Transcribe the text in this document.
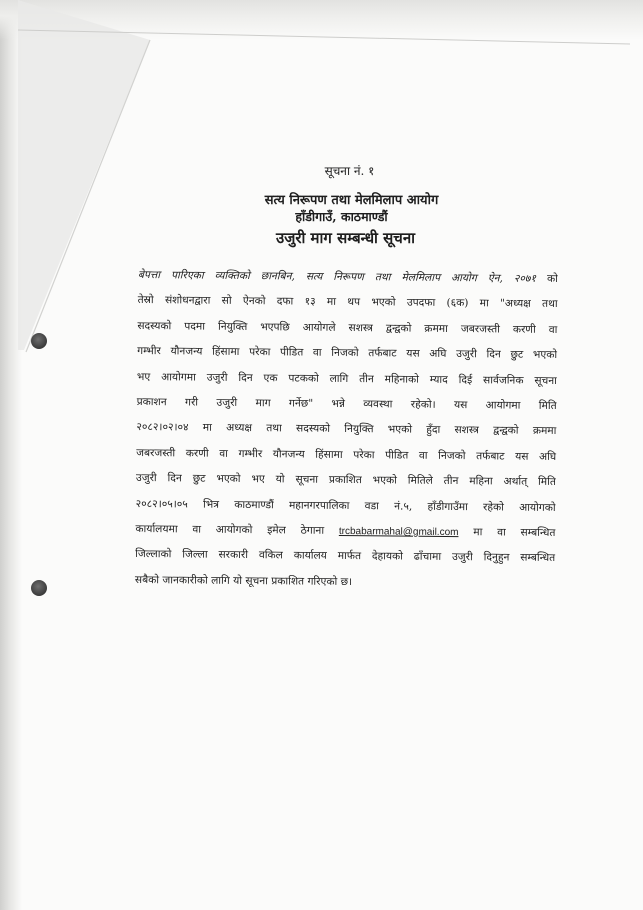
सूचना नं. १
सत्य निरूपण तथा मेलमिलाप आयोग
हाँडीगाउँ, काठमाण्डौं
उजुरी माग सम्बन्धी सूचना
बेपत्ता पारिएका व्यक्तिको छानबिन, सत्य निरूपण तथा मेलमिलाप आयोग ऐन, २०७१ को
तेस्रो संशोधनद्वारा सो ऐनको दफा १३ मा थप भएको उपदफा (६क) मा "अध्यक्ष तथा
सदस्यको पदमा नियुक्ति भएपछि आयोगले सशस्त्र द्वन्द्वको क्रममा जबरजस्ती करणी वा
गम्भीर यौनजन्य हिंसामा परेका पीडित वा निजको तर्फबाट यस अघि उजुरी दिन छुट भएको
भए आयोगमा उजुरी दिन एक पटकको लागि तीन महिनाको म्याद दिई सार्वजनिक सूचना
प्रकाशन गरी उजुरी माग गर्नेछ" भन्ने व्यवस्था रहेको। यस आयोगमा मिति
२०८२।०२।०४ मा अध्यक्ष तथा सदस्यको नियुक्ति भएको हुँदा सशस्त्र द्वन्द्वको क्रममा
जबरजस्ती करणी वा गम्भीर यौनजन्य हिंसामा परेका पीडित वा निजको तर्फबाट यस अघि
उजुरी दिन छुट भएको भए यो सूचना प्रकाशित भएको मितिले तीन महिना अर्थात् मिति
२०८२।०५।०५ भित्र काठमाण्डौं महानगरपालिका वडा नं.५, हाँडीगाउँमा रहेको आयोगको
कार्यालयमा वा आयोगको इमेल ठेगाना trcbabarmahal@gmail.com मा वा सम्बन्धित
जिल्लाको जिल्ला सरकारी वकिल कार्यालय मार्फत देहायको ढाँचामा उजुरी दिनुहुन सम्बन्धित
सबैको जानकारीको लागि यो सूचना प्रकाशित गरिएको छ।
